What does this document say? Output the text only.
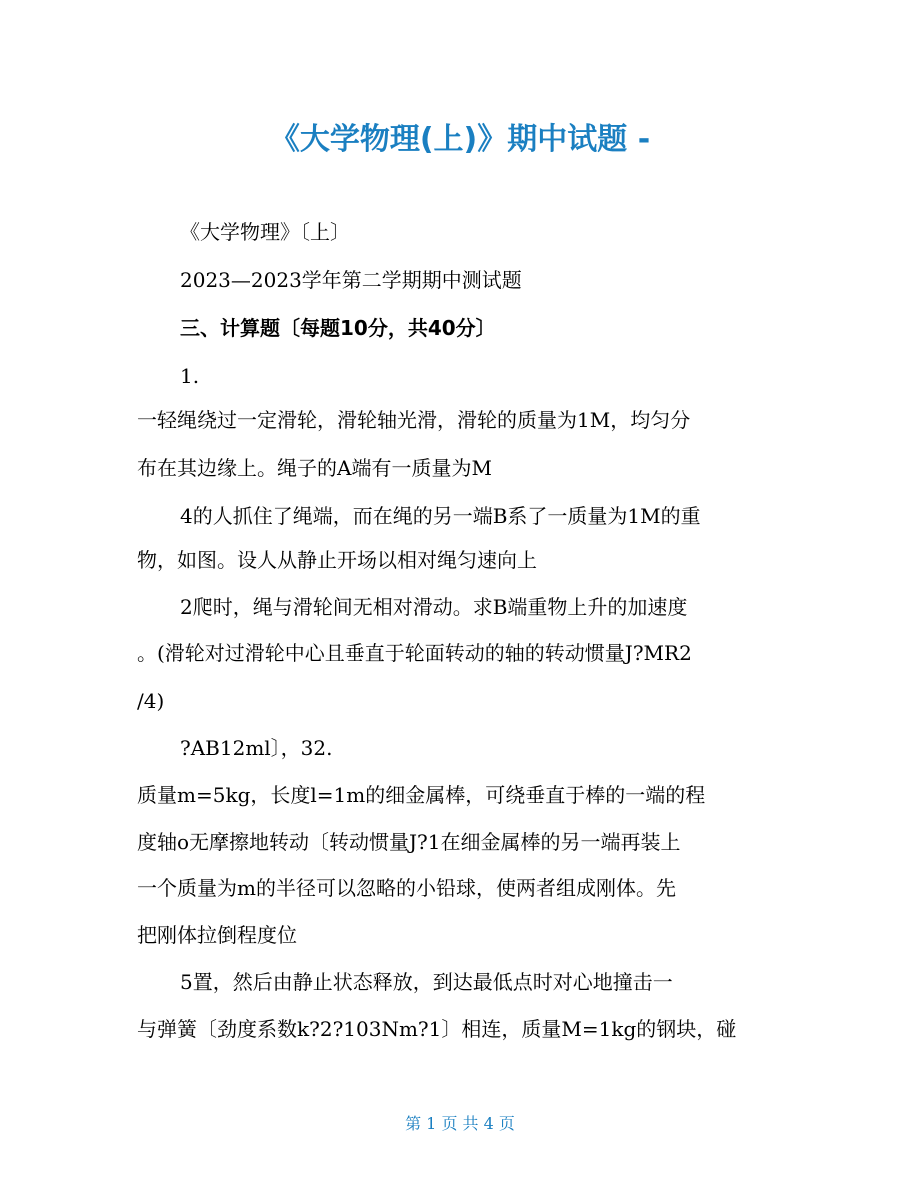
《大学物理(上)》期中试题 -
《大学物理》〔上〕
2023—2023学年第二学期期中测试题
三、计算题〔每题10分，共40分〕
1.
一轻绳绕过一定滑轮，滑轮轴光滑，滑轮的质量为1M，均匀分
布在其边缘上。绳子的A端有一质量为M
4的人抓住了绳端，而在绳的另一端B系了一质量为1M的重
物，如图。设人从静止开场以相对绳匀速向上
2爬时，绳与滑轮间无相对滑动。求B端重物上升的加速度
。(滑轮对过滑轮中心且垂直于轮面转动的轴的转动惯量J?MR2
/4)
?AB12ml〕，32.
质量m=5kg，长度l=1m的细金属棒，可绕垂直于棒的一端的程
度轴o无摩擦地转动〔转动惯量J?1在细金属棒的另一端再装上
一个质量为m的半径可以忽略的小铅球，使两者组成刚体。先
把刚体拉倒程度位
5置，然后由静止状态释放，到达最低点时对心地撞击一
与弹簧〔劲度系数k?2?103Nm?1〕相连，质量M=1kg的钢块，碰
第 1 页 共 4 页
